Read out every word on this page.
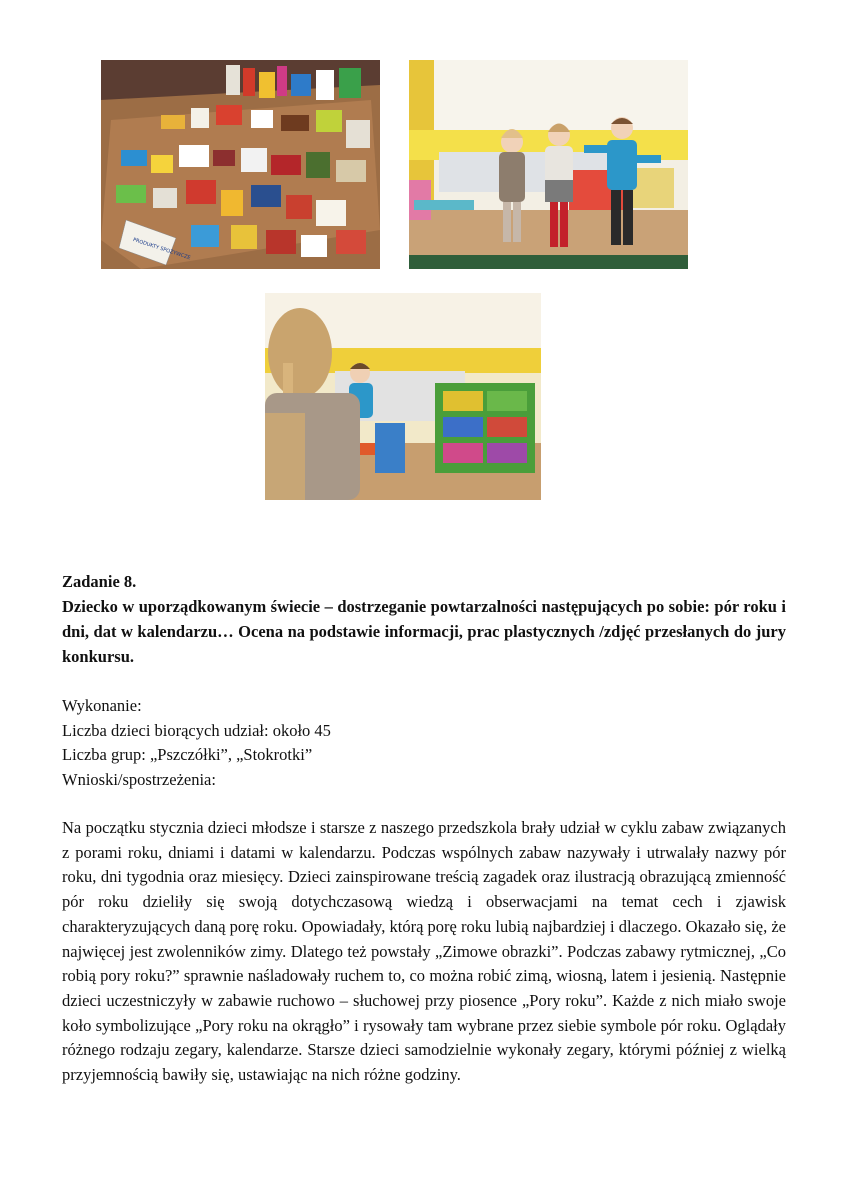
PRODUKTY SPOŻYWCZE
Zadanie 8.
Dziecko w uporządkowanym świecie – dostrzeganie powtarzalności następujących po sobie: pór roku i dni, dat w kalendarzu… Ocena na podstawie informacji, prac plastycznych /zdjęć przesłanych do jury konkursu.
Wykonanie:
Liczba dzieci biorących udział: około 45
Liczba grup: „Pszczółki”, „Stokrotki”
Wnioski/spostrzeżenia:
Na początku stycznia dzieci młodsze i starsze z naszego przedszkola brały udział w cyklu zabaw związanych z porami roku, dniami i datami w kalendarzu. Podczas wspólnych zabaw nazywały i utrwalały nazwy pór roku, dni tygodnia oraz miesięcy. Dzieci zainspirowane treścią zagadek oraz ilustracją obrazującą zmienność pór roku dzieliły się swoją dotychczasową wiedzą i obserwacjami na temat cech i zjawisk charakteryzujących daną porę roku. Opowiadały, którą porę roku lubią najbardziej i dlaczego. Okazało się, że najwięcej jest zwolenników zimy. Dlatego też powstały „Zimowe obrazki”. Podczas zabawy rytmicznej, „Co robią pory roku?” sprawnie naśladowały ruchem to, co można robić zimą, wiosną, latem i jesienią. Następnie dzieci uczestniczyły w zabawie ruchowo – słuchowej przy piosence „Pory roku”. Każde z nich miało swoje koło symbolizujące „Pory roku na okrągło” i rysowały tam wybrane przez siebie symbole pór roku. Oglądały różnego rodzaju zegary, kalendarze. Starsze dzieci samodzielnie wykonały zegary, którymi później z wielką przyjemnością bawiły się, ustawiając na nich różne godziny.
